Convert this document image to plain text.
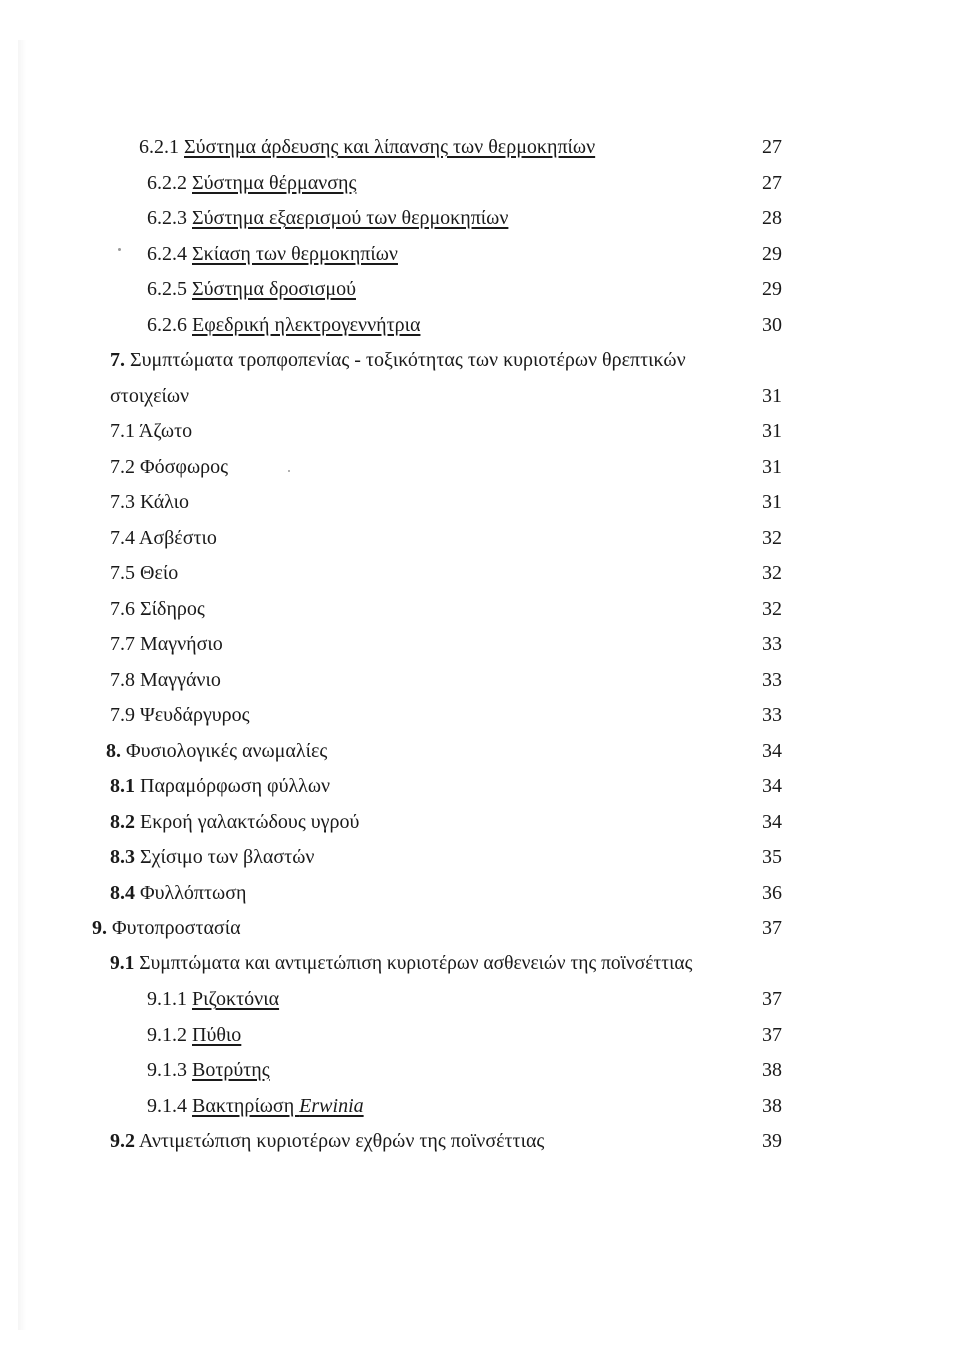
6.2.1 Σύστημα άρδευσης και λίπανσης των θερμοκηπίων	27
6.2.2 Σύστημα θέρμανσης	27
6.2.3 Σύστημα εξαερισμού των θερμοκηπίων	28
6.2.4 Σκίαση των θερμοκηπίων	29
6.2.5 Σύστημα δροσισμού	29
6.2.6 Εφεδρική ηλεκτρογεννήτρια	30
7. Συμπτώματα τροπφοπενίας - τοξικότητας των κυριοτέρων θρεπτικών
στοιχείων	31
7.1 Άζωτο	31
7.2 Φόσφωρος	31
7.3 Κάλιο	31
7.4 Ασβέστιο	32
7.5 Θείο	32
7.6 Σίδηρος	32
7.7 Μαγνήσιο	33
7.8 Μαγγάνιο	33
7.9 Ψευδάργυρος	33
8. Φυσιολογικές ανωμαλίες	34
8.1 Παραμόρφωση φύλλων	34
8.2 Εκροή γαλακτώδους υγρού	34
8.3 Σχίσιμο των βλαστών	35
8.4 Φυλλόπτωση	36
9. Φυτοπροστασία	37
9.1 Συμπτώματα και αντιμετώπιση κυριοτέρων ασθενειών της ποϊνσέττιας
9.1.1 Ριζοκτόνια	37
9.1.2 Πύθιο	37
9.1.3 Βοτρύτης	38
9.1.4 Βακτηρίωση Erwinia	38
9.2 Αντιμετώπιση κυριοτέρων εχθρών της ποϊνσέττιας	39
